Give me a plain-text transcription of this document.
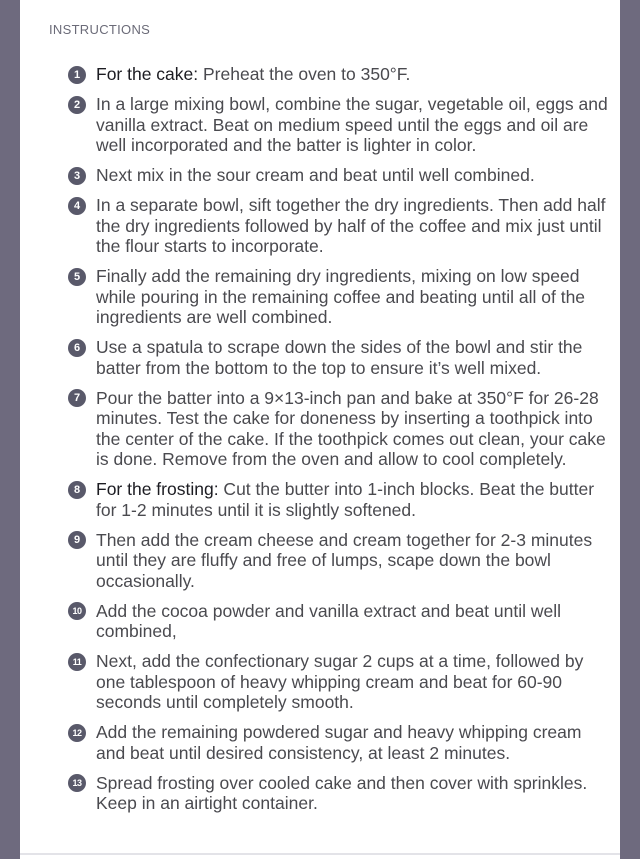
INSTRUCTIONS
1 For the cake: Preheat the oven to 350°F.
2 In a large mixing bowl, combine the sugar, vegetable oil, eggs and vanilla extract. Beat on medium speed until the eggs and oil are well incorporated and the batter is lighter in color.
3 Next mix in the sour cream and beat until well combined.
4 In a separate bowl, sift together the dry ingredients. Then add half the dry ingredients followed by half of the coffee and mix just until the flour starts to incorporate.
5 Finally add the remaining dry ingredients, mixing on low speed while pouring in the remaining coffee and beating until all of the ingredients are well combined.
6 Use a spatula to scrape down the sides of the bowl and stir the batter from the bottom to the top to ensure it’s well mixed.
7 Pour the batter into a 9×13-inch pan and bake at 350°F for 26-28 minutes. Test the cake for doneness by inserting a toothpick into the center of the cake. If the toothpick comes out clean, your cake is done. Remove from the oven and allow to cool completely.
8 For the frosting: Cut the butter into 1-inch blocks. Beat the butter for 1-2 minutes until it is slightly softened.
9 Then add the cream cheese and cream together for 2-3 minutes until they are fluffy and free of lumps, scape down the bowl occasionally.
10 Add the cocoa powder and vanilla extract and beat until well combined,
11 Next, add the confectionary sugar 2 cups at a time, followed by one tablespoon of heavy whipping cream and beat for 60-90 seconds until completely smooth.
12 Add the remaining powdered sugar and heavy whipping cream and beat until desired consistency, at least 2 minutes.
13 Spread frosting over cooled cake and then cover with sprinkles. Keep in an airtight container.
